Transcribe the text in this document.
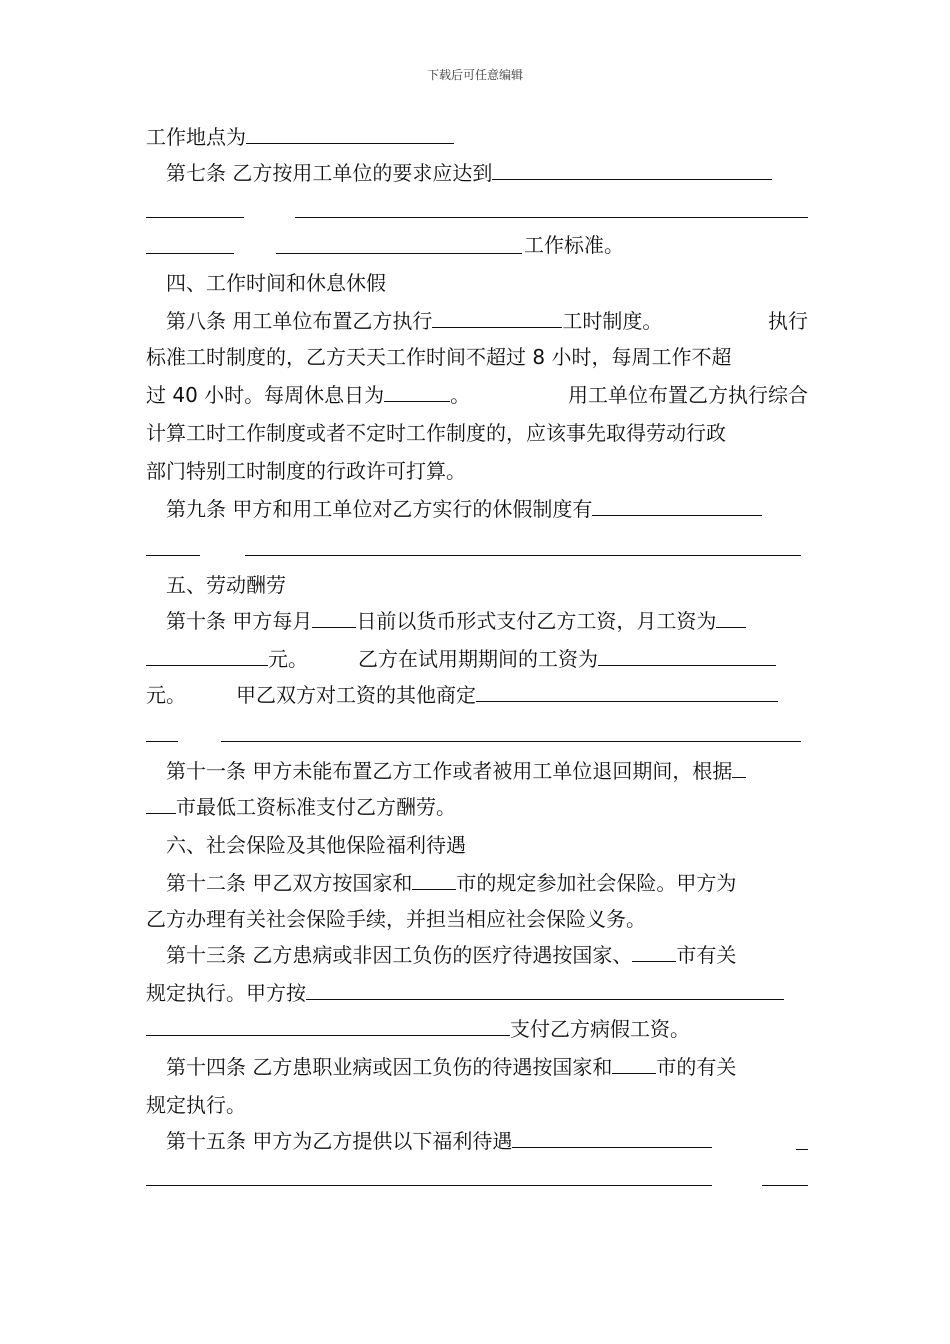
下载后可任意编辑
工作地点为
第七条 乙方按用工单位的要求应达到
工作标准。
四、工作时间和休息休假
第八条 用工单位布置乙方执行	工时制度。	执行
标准工时制度的，乙方天天工作时间不超过 8 小时，每周工作不超
过 40 小时。每周休息日为	。	用工单位布置乙方执行综合
计算工时工作制度或者不定时工作制度的，应该事先取得劳动行政
部门特别工时制度的行政许可打算。
第九条 甲方和用工单位对乙方实行的休假制度有
五、劳动酬劳
第十条 甲方每月 日前以货币形式支付乙方工资，月工资为
元。	乙方在试用期期间的工资为
元。	甲乙双方对工资的其他商定
第十一条 甲方未能布置乙方工作或者被用工单位退回期间，根据
市最低工资标准支付乙方酬劳。
六、社会保险及其他保险福利待遇
第十二条 甲乙双方按国家和 市的规定参加社会保险。甲方为
乙方办理有关社会保险手续，并担当相应社会保险义务。
第十三条 乙方患病或非因工负伤的医疗待遇按国家、 市有关
规定执行。甲方按
支付乙方病假工资。
第十四条 乙方患职业病或因工负伤的待遇按国家和 市的有关
规定执行。
第十五条 甲方为乙方提供以下福利待遇
